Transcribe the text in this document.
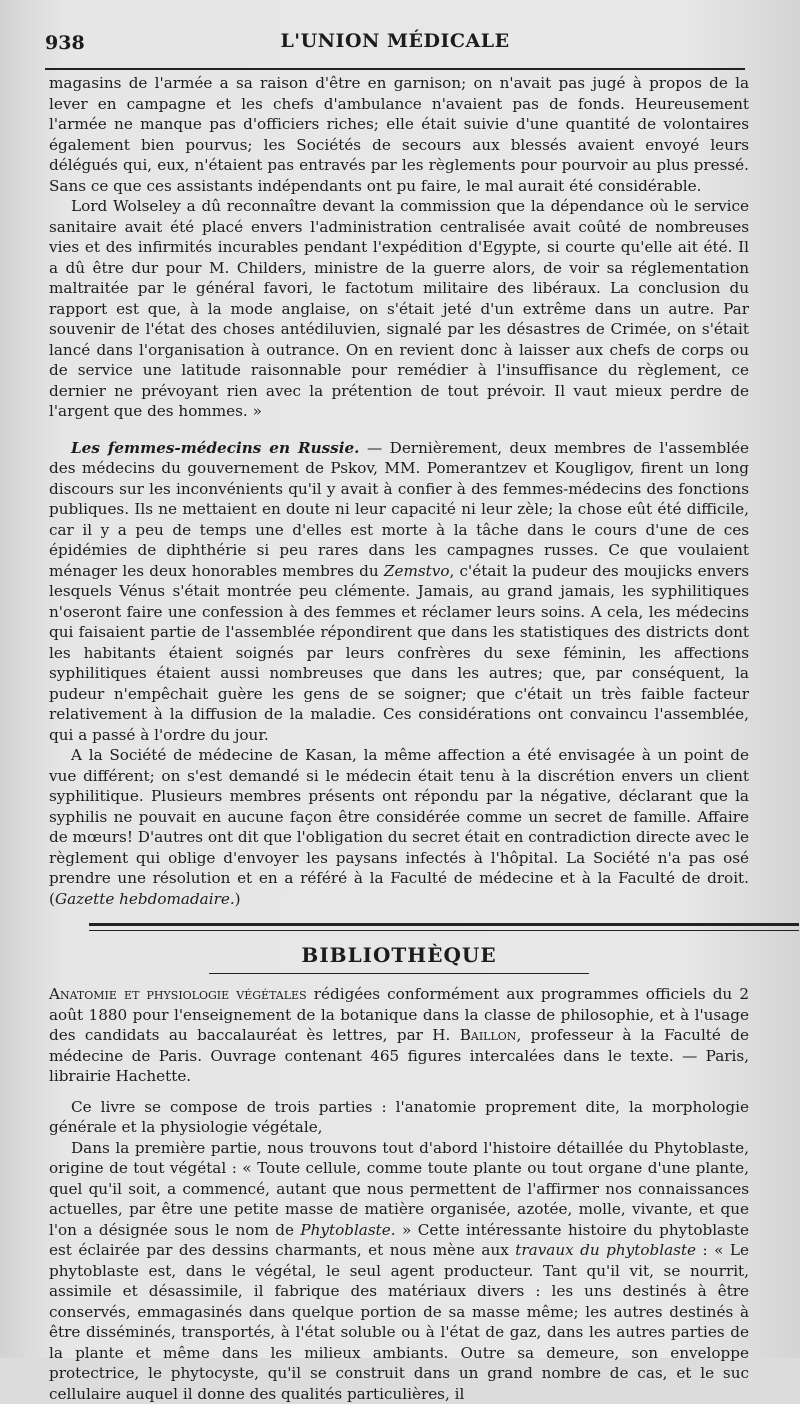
938	L'UNION MÉDICALE

magasins de l'armée a sa raison d'être en garnison; on n'avait pas jugé à propos de la lever en campagne et les chefs d'ambulance n'avaient pas de fonds. Heureusement l'armée ne manque pas d'officiers riches; elle était suivie d'une quantité de volontaires également bien pourvus; les Sociétés de secours aux blessés avaient envoyé leurs délégués qui, eux, n'étaient pas entravés par les règlements pour pourvoir au plus pressé. Sans ce que ces assistants indépendants ont pu faire, le mal aurait été considérable.

Lord Wolseley a dû reconnaître devant la commission que la dépendance où le service sanitaire avait été placé envers l'administration centralisée avait coûté de nombreuses vies et des infirmités incurables pendant l'expédition d'Egypte, si courte qu'elle ait été. Il a dû être dur pour M. Childers, ministre de la guerre alors, de voir sa réglementation maltraitée par le général favori, le factotum militaire des libéraux. La conclusion du rapport est que, à la mode anglaise, on s'était jeté d'un extrême dans un autre. Par souvenir de l'état des choses antédiluvien, signalé par les désastres de Crimée, on s'était lancé dans l'organisation à outrance. On en revient donc à laisser aux chefs de corps ou de service une latitude raisonnable pour remédier à l'insuffisance du règlement, ce dernier ne prévoyant rien avec la prétention de tout prévoir. Il vaut mieux perdre de l'argent que des hommes. »

Les femmes-médecins en Russie. — Dernièrement, deux membres de l'assemblée des médecins du gouvernement de Pskov, MM. Pomerantzev et Kougligov, firent un long discours sur les inconvénients qu'il y avait à confier à des femmes-médecins des fonctions publiques. Ils ne mettaient en doute ni leur capacité ni leur zèle; la chose eût été difficile, car il y a peu de temps une d'elles est morte à la tâche dans le cours d'une de ces épidémies de diphthérie si peu rares dans les campagnes russes. Ce que voulaient ménager les deux honorables membres du Zemstvo, c'était la pudeur des moujicks envers lesquels Vénus s'était montrée peu clémente. Jamais, au grand jamais, les syphilitiques n'oseront faire une confession à des femmes et réclamer leurs soins. A cela, les médecins qui faisaient partie de l'assemblée répondirent que dans les statistiques des districts dont les habitants étaient soignés par leurs confrères du sexe féminin, les affections syphilitiques étaient aussi nombreuses que dans les autres; que, par conséquent, la pudeur n'empêchait guère les gens de se soigner; que c'était un très faible facteur relativement à la diffusion de la maladie. Ces considérations ont convaincu l'assemblée, qui a passé à l'ordre du jour.

A la Société de médecine de Kasan, la même affection a été envisagée à un point de vue différent; on s'est demandé si le médecin était tenu à la discrétion envers un client syphilitique. Plusieurs membres présents ont répondu par la négative, déclarant que la syphilis ne pouvait en aucune façon être considérée comme un secret de famille. Affaire de mœurs! D'autres ont dit que l'obligation du secret était en contradiction directe avec le règlement qui oblige d'envoyer les paysans infectés à l'hôpital. La Société n'a pas osé prendre une résolution et en a référé à la Faculté de médecine et à la Faculté de droit. (Gazette hebdomadaire.)

BIBLIOTHÈQUE

Anatomie et physiologie végétales rédigées conformément aux programmes officiels du 2 août 1880 pour l'enseignement de la botanique dans la classe de philosophie, et à l'usage des candidats au baccalauréat ès lettres, par H. Baillon, professeur à la Faculté de médecine de Paris. Ouvrage contenant 465 figures intercalées dans le texte. — Paris, librairie Hachette.

Ce livre se compose de trois parties : l'anatomie proprement dite, la morphologie générale et la physiologie végétale,

Dans la première partie, nous trouvons tout d'abord l'histoire détaillée du Phytoblaste, origine de tout végétal : « Toute cellule, comme toute plante ou tout organe d'une plante, quel qu'il soit, a commencé, autant que nous permettent de l'affirmer nos connaissances actuelles, par être une petite masse de matière organisée, azotée, molle, vivante, et que l'on a désignée sous le nom de Phytoblaste. » Cette intéressante histoire du phytoblaste est éclairée par des dessins charmants, et nous mène aux travaux du phytoblaste : « Le phytoblaste est, dans le végétal, le seul agent producteur. Tant qu'il vit, se nourrit, assimile et désassimile, il fabrique des matériaux divers : les uns destinés à être conservés, emmagasinés dans quelque portion de sa masse même; les autres destinés à être disséminés, transportés, à l'état soluble ou à l'état de gaz, dans les autres parties de la plante et même dans les milieux ambiants. Outre sa demeure, son enveloppe protectrice, le phytocyste, qu'il se construit dans un grand nombre de cas, et le suc cellulaire auquel il donne des qualités particulières, il
